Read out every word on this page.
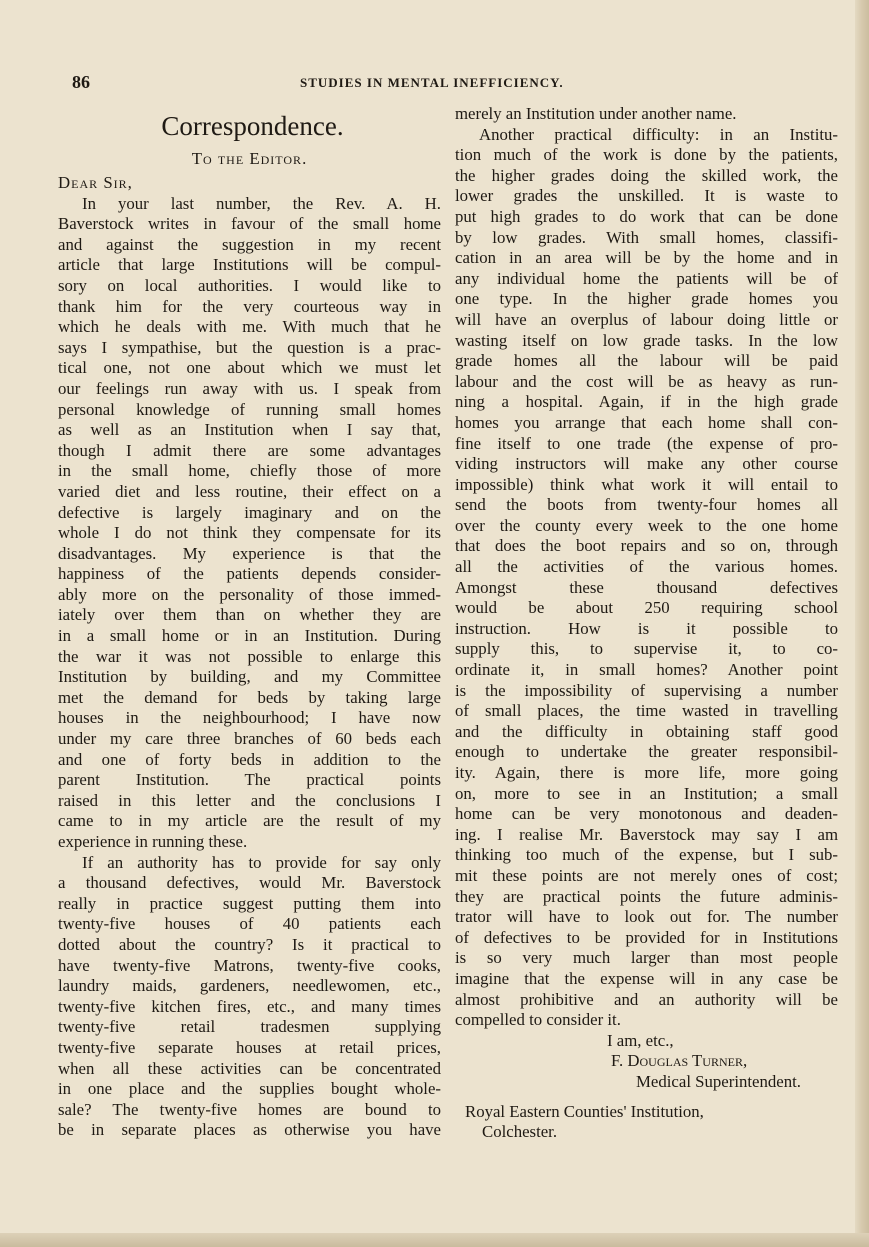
86	STUDIES IN MENTAL INEFFICIENCY.
Correspondence.
To the Editor.
Dear Sir,
In your last number, the Rev. A. H.
Baverstock writes in favour of the small home
and against the suggestion in my recent
article that large Institutions will be compul-
sory on local authorities. I would like to
thank him for the very courteous way in
which he deals with me. With much that he
says I sympathise, but the question is a prac-
tical one, not one about which we must let
our feelings run away with us. I speak from
personal knowledge of running small homes
as well as an Institution when I say that,
though I admit there are some advantages
in the small home, chiefly those of more
varied diet and less routine, their effect on a
defective is largely imaginary and on the
whole I do not think they compensate for its
disadvantages. My experience is that the
happiness of the patients depends consider-
ably more on the personality of those immed-
iately over them than on whether they are
in a small home or in an Institution. During
the war it was not possible to enlarge this
Institution by building, and my Committee
met the demand for beds by taking large
houses in the neighbourhood; I have now
under my care three branches of 60 beds each
and one of forty beds in addition to the
parent Institution. The practical points
raised in this letter and the conclusions I
came to in my article are the result of my
experience in running these.
If an authority has to provide for say only
a thousand defectives, would Mr. Baverstock
really in practice suggest putting them into
twenty-five houses of 40 patients each
dotted about the country? Is it practical to
have twenty-five Matrons, twenty-five cooks,
laundry maids, gardeners, needlewomen, etc.,
twenty-five kitchen fires, etc., and many times
twenty-five retail tradesmen supplying
twenty-five separate houses at retail prices,
when all these activities can be concentrated
in one place and the supplies bought whole-
sale? The twenty-five homes are bound to
be in separate places as otherwise you have
merely an Institution under another name.
Another practical difficulty: in an Institu-
tion much of the work is done by the patients,
the higher grades doing the skilled work, the
lower grades the unskilled. It is waste to
put high grades to do work that can be done
by low grades. With small homes, classifi-
cation in an area will be by the home and in
any individual home the patients will be of
one type. In the higher grade homes you
will have an overplus of labour doing little or
wasting itself on low grade tasks. In the low
grade homes all the labour will be paid
labour and the cost will be as heavy as run-
ning a hospital. Again, if in the high grade
homes you arrange that each home shall con-
fine itself to one trade (the expense of pro-
viding instructors will make any other course
impossible) think what work it will entail to
send the boots from twenty-four homes all
over the county every week to the one home
that does the boot repairs and so on, through
all the activities of the various homes.
Amongst these thousand defectives
would be about 250 requiring school
instruction. How is it possible to
supply this, to supervise it, to co-
ordinate it, in small homes? Another point
is the impossibility of supervising a number
of small places, the time wasted in travelling
and the difficulty in obtaining staff good
enough to undertake the greater responsibil-
ity. Again, there is more life, more going
on, more to see in an Institution; a small
home can be very monotonous and deaden-
ing. I realise Mr. Baverstock may say I am
thinking too much of the expense, but I sub-
mit these points are not merely ones of cost;
they are practical points the future adminis-
trator will have to look out for. The number
of defectives to be provided for in Institutions
is so very much larger than most people
imagine that the expense will in any case be
almost prohibitive and an authority will be
compelled to consider it.
I am, etc.,
F. Douglas Turner,
Medical Superintendent.
Royal Eastern Counties' Institution,
Colchester.
